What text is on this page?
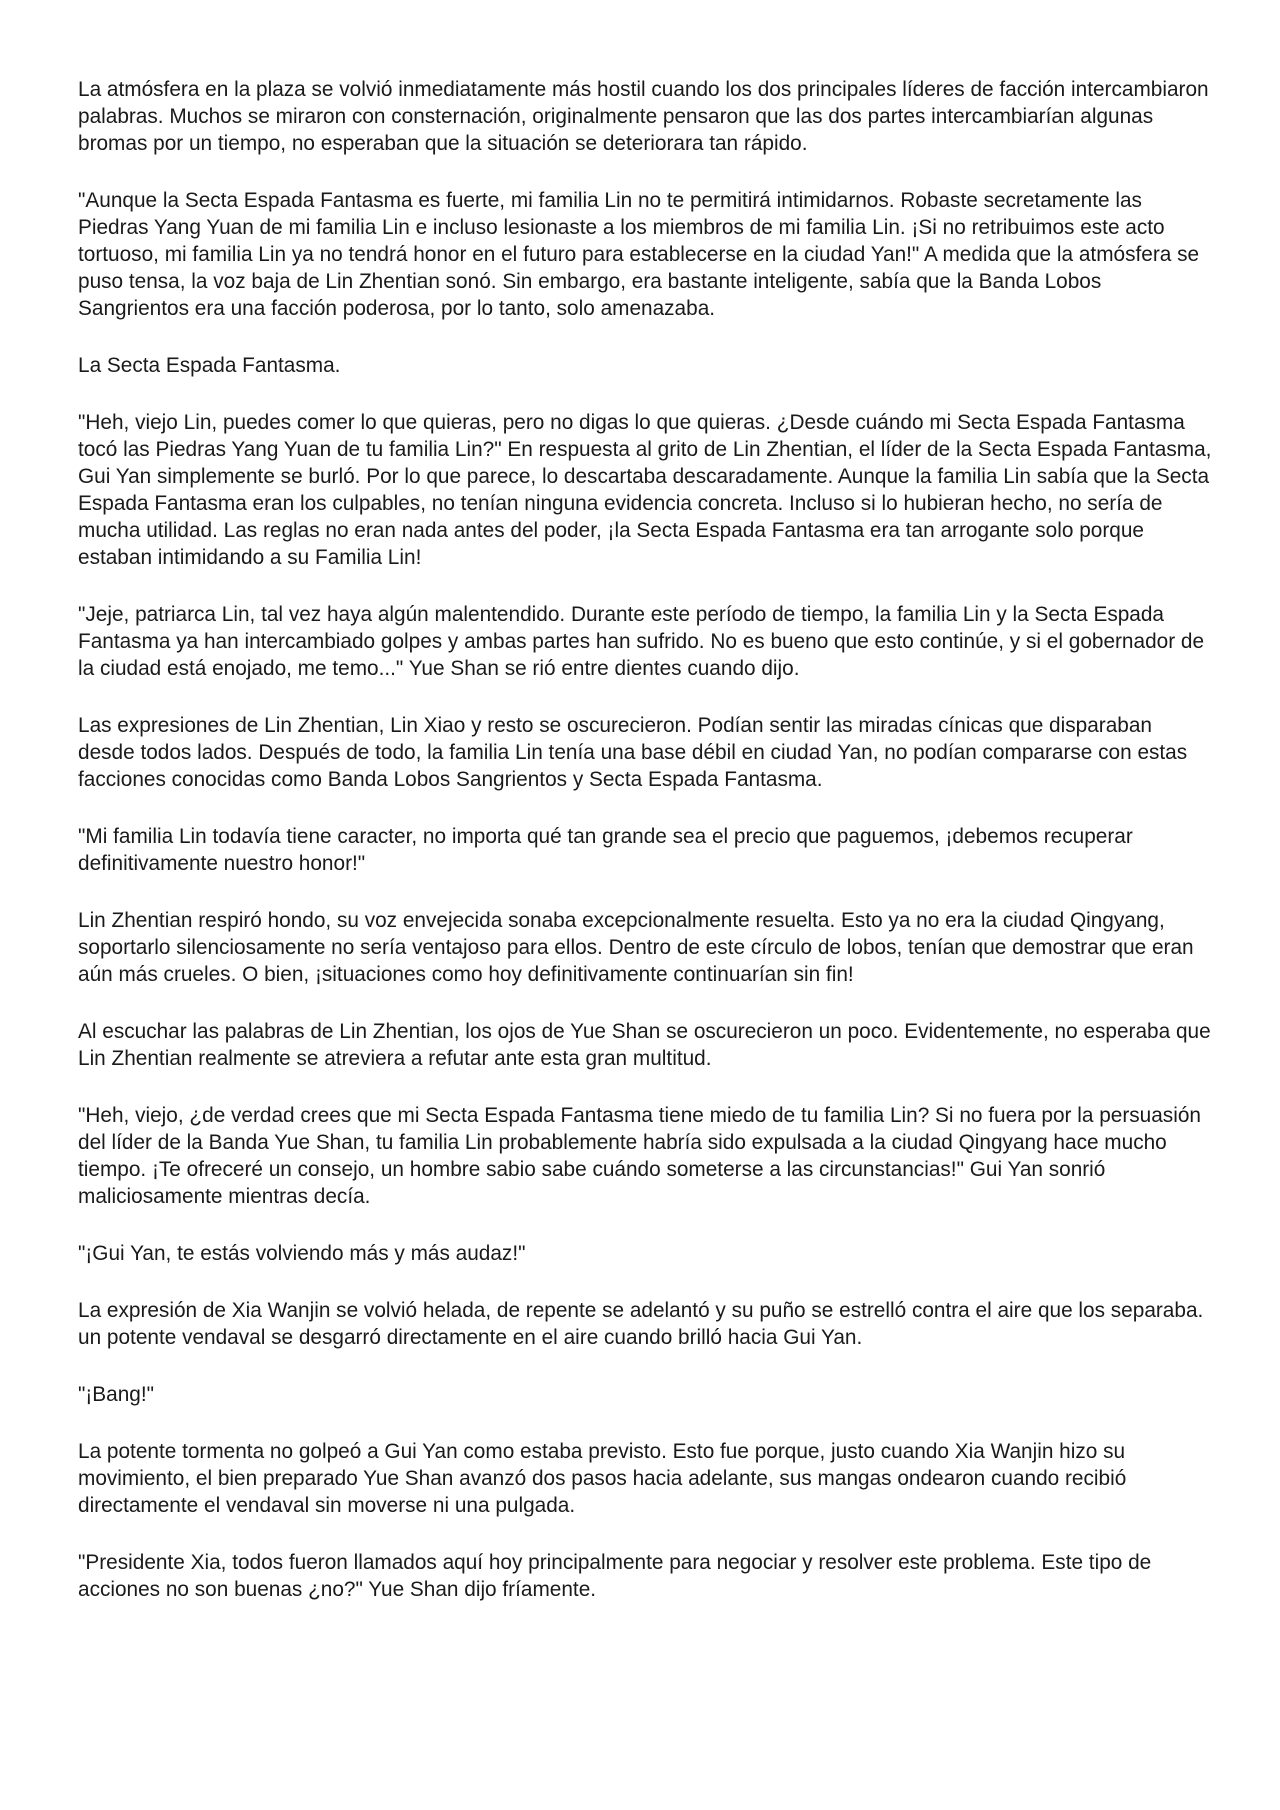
La atmósfera en la plaza se volvió inmediatamente más hostil cuando los dos principales líderes de facción intercambiaron palabras. Muchos se miraron con consternación, originalmente pensaron que las dos partes intercambiarían algunas bromas por un tiempo, no esperaban que la situación se deteriorara tan rápido.

"Aunque la Secta Espada Fantasma es fuerte, mi familia Lin no te permitirá intimidarnos. Robaste secretamente las Piedras Yang Yuan de mi familia Lin e incluso lesionaste a los miembros de mi familia Lin. ¡Si no retribuimos este acto tortuoso, mi familia Lin ya no tendrá honor en el futuro para establecerse en la ciudad Yan!" A medida que la atmósfera se puso tensa, la voz baja de Lin Zhentian sonó. Sin embargo, era bastante inteligente, sabía que la Banda Lobos Sangrientos era una facción poderosa, por lo tanto, solo amenazaba.

La Secta Espada Fantasma.

"Heh, viejo Lin, puedes comer lo que quieras, pero no digas lo que quieras. ¿Desde cuándo mi Secta Espada Fantasma tocó las Piedras Yang Yuan de tu familia Lin?" En respuesta al grito de Lin Zhentian, el líder de la Secta Espada Fantasma, Gui Yan simplemente se burló. Por lo que parece, lo descartaba descaradamente. Aunque la familia Lin sabía que la Secta Espada Fantasma eran los culpables, no tenían ninguna evidencia concreta. Incluso si lo hubieran hecho, no sería de mucha utilidad. Las reglas no eran nada antes del poder, ¡la Secta Espada Fantasma era tan arrogante solo porque estaban intimidando a su Familia Lin!

"Jeje, patriarca Lin, tal vez haya algún malentendido. Durante este período de tiempo, la familia Lin y la Secta Espada Fantasma ya han intercambiado golpes y ambas partes han sufrido. No es bueno que esto continúe, y si el gobernador de la ciudad está enojado, me temo..." Yue Shan se rió entre dientes cuando dijo.

Las expresiones de Lin Zhentian, Lin Xiao y resto se oscurecieron. Podían sentir las miradas cínicas que disparaban desde todos lados. Después de todo, la familia Lin tenía una base débil en ciudad Yan, no podían compararse con estas facciones conocidas como Banda Lobos Sangrientos y Secta Espada Fantasma.

"Mi familia Lin todavía tiene caracter, no importa qué tan grande sea el precio que paguemos, ¡debemos recuperar definitivamente nuestro honor!"

Lin Zhentian respiró hondo, su voz envejecida sonaba excepcionalmente resuelta. Esto ya no era la ciudad Qingyang, soportarlo silenciosamente no sería ventajoso para ellos. Dentro de este círculo de lobos, tenían que demostrar que eran aún más crueles. O bien, ¡situaciones como hoy definitivamente continuarían sin fin!

Al escuchar las palabras de Lin Zhentian, los ojos de Yue Shan se oscurecieron un poco. Evidentemente, no esperaba que Lin Zhentian realmente se atreviera a refutar ante esta gran multitud.

"Heh, viejo, ¿de verdad crees que mi Secta Espada Fantasma tiene miedo de tu familia Lin? Si no fuera por la persuasión del líder de la Banda Yue Shan, tu familia Lin probablemente habría sido expulsada a la ciudad Qingyang hace mucho tiempo. ¡Te ofreceré un consejo, un hombre sabio sabe cuándo someterse a las circunstancias!" Gui Yan sonrió maliciosamente mientras decía.

"¡Gui Yan, te estás volviendo más y más audaz!"

La expresión de Xia Wanjin se volvió helada, de repente se adelantó y su puño se estrelló contra el aire que los separaba. un potente vendaval se desgarró directamente en el aire cuando brilló hacia Gui Yan.

"¡Bang!"

La potente tormenta no golpeó a Gui Yan como estaba previsto. Esto fue porque, justo cuando Xia Wanjin hizo su movimiento, el bien preparado Yue Shan avanzó dos pasos hacia adelante, sus mangas ondearon cuando recibió directamente el vendaval sin moverse ni una pulgada.

"Presidente Xia, todos fueron llamados aquí hoy principalmente para negociar y resolver este problema. Este tipo de acciones no son buenas ¿no?" Yue Shan dijo fríamente.
